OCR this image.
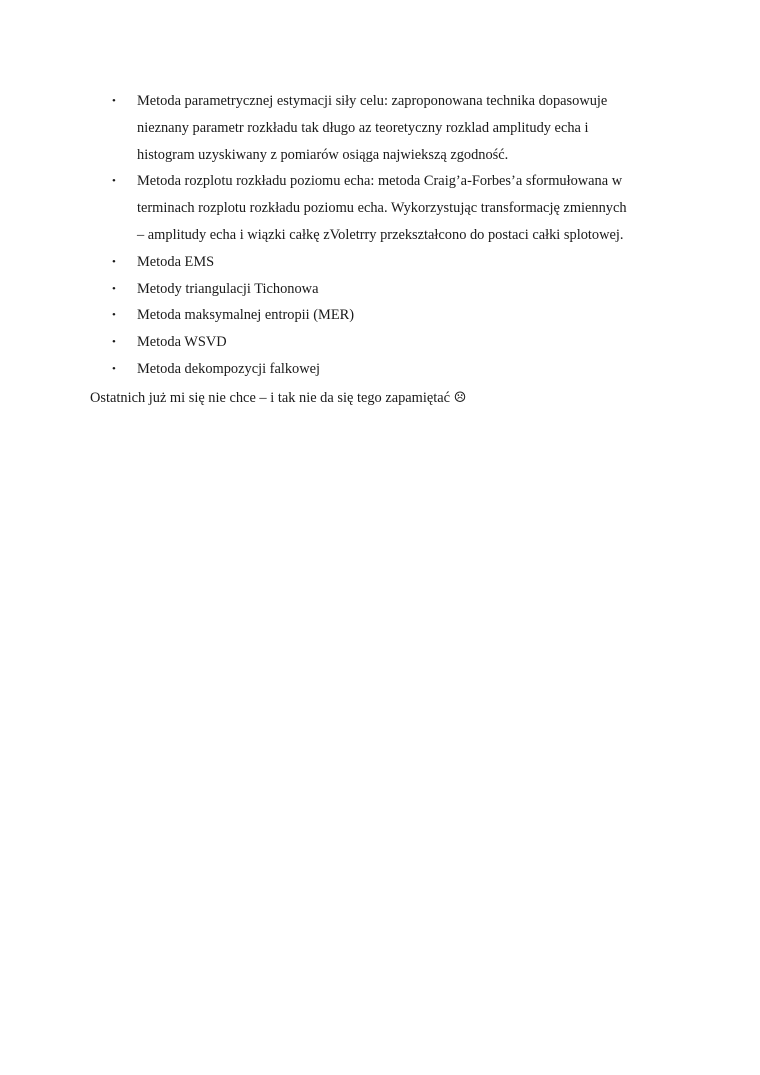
•	Metoda parametrycznej estymacji siły celu: zaproponowana technika dopasowuje
nieznany parametr rozkładu tak długo az teoretyczny rozklad amplitudy echa i
histogram uzyskiwany z pomiarów osiąga najwiekszą zgodność.
•	Metoda rozplotu rozkładu poziomu echa: metoda Craig’a-Forbes’a sformułowana w
terminach rozplotu rozkładu poziomu echa. Wykorzystując transformację zmiennych
– amplitudy echa i wiązki całkę zVoletrry przekształcono do postaci całki splotowej.
•	Metoda EMS
•	Metody triangulacji Tichonowa
•	Metoda maksymalnej entropii (MER)
•	Metoda WSVD
•	Metoda dekompozycji falkowej

Ostatnich już mi się nie chce – i tak nie da się tego zapamiętać ☹
